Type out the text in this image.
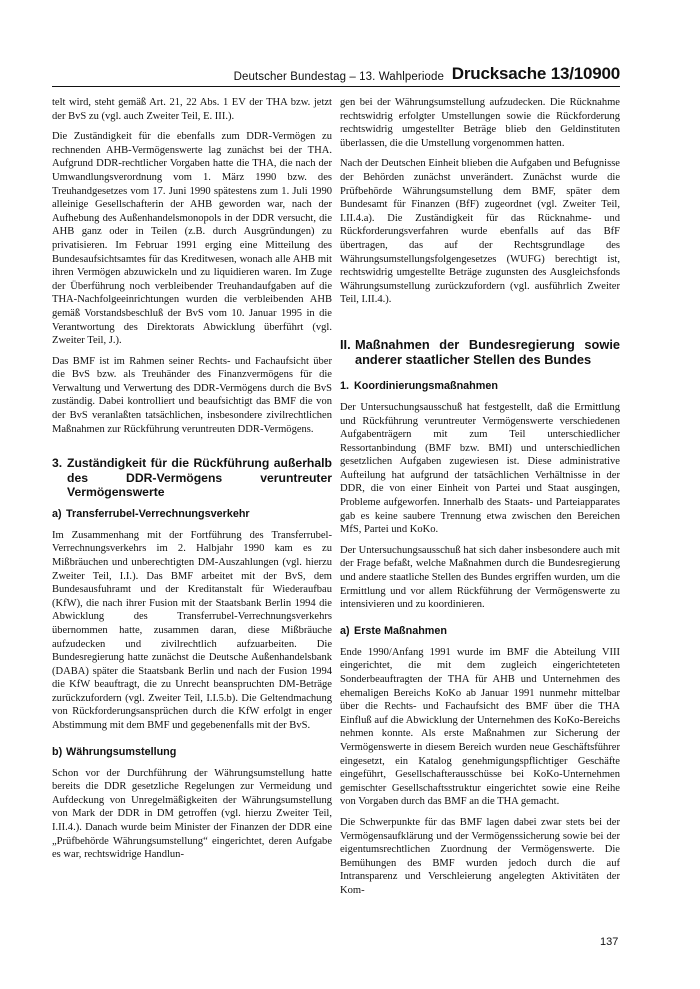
Deutscher Bundestag – 13. Wahlperiode Drucksache 13/10900

telt wird, steht gemäß Art. 21, 22 Abs. 1 EV der THA bzw. jetzt der BvS zu (vgl. auch Zweiter Teil, E. III.).

Die Zuständigkeit für die ebenfalls zum DDR-Vermögen zu rechnenden AHB-Vermögenswerte lag zunächst bei der THA. Aufgrund DDR-rechtlicher Vorgaben hatte die THA, die nach der Umwandlungsverordnung vom 1. März 1990 bzw. des Treuhandgesetzes vom 17. Juni 1990 spätestens zum 1. Juli 1990 alleinige Gesellschafterin der AHB geworden war, nach der Aufhebung des Außenhandelsmonopols in der DDR versucht, die AHB ganz oder in Teilen (z.B. durch Ausgründungen) zu privatisieren. Im Februar 1991 erging eine Mitteilung des Bundesaufsichtsamtes für das Kreditwesen, wonach alle AHB mit ihren Vermögen abzuwickeln und zu liquidieren waren. Im Zuge der Überführung noch verbleibender Treuhandaufgaben auf die THA-Nachfolgeeinrichtungen wurden die verbleibenden AHB gemäß Vorstandsbeschluß der BvS vom 10. Januar 1995 in die Verantwortung des Direktorats Abwicklung überführt (vgl. Zweiter Teil, J.).

Das BMF ist im Rahmen seiner Rechts- und Fachaufsicht über die BvS bzw. als Treuhänder des Finanzvermögens für die Verwaltung und Verwertung des DDR-Vermögens durch die BvS zuständig. Dabei kontrolliert und beaufsichtigt das BMF die von der BvS veranlaßten tatsächlichen, insbesondere zivilrechtlichen Maßnahmen zur Rückführung veruntreuten DDR-Vermögens.

3. Zuständigkeit für die Rückführung außerhalb des DDR-Vermögens veruntreuter Vermögenswerte
a) Transferrubel-Verrechnungsverkehr

Im Zusammenhang mit der Fortführung des Transferrubel-Verrechnungsverkehrs im 2. Halbjahr 1990 kam es zu Mißbräuchen und unberechtigten DM-Auszahlungen (vgl. hierzu Zweiter Teil, I.I.). Das BMF arbeitet mit der BvS, dem Bundesausfuhramt und der Kreditanstalt für Wiederaufbau (KfW), die nach ihrer Fusion mit der Staatsbank Berlin 1994 die Abwicklung des Transferrubel-Verrechnungsverkehrs übernommen hatte, zusammen daran, diese Mißbräuche aufzudecken und zivilrechtlich aufzuarbeiten. Die Bundesregierung hatte zunächst die Deutsche Außenhandelsbank (DABA) später die Staatsbank Berlin und nach der Fusion 1994 die KfW beauftragt, die zu Unrecht beanspruchten DM-Beträge zurückzufordern (vgl. Zweiter Teil, I.I.5.b). Die Geltendmachung von Rückforderungsansprüchen durch die KfW erfolgt in enger Abstimmung mit dem BMF und gegebenenfalls mit der BvS.

b) Währungsumstellung

Schon vor der Durchführung der Währungsumstellung hatte bereits die DDR gesetzliche Regelungen zur Vermeidung und Aufdeckung von Unregelmäßigkeiten der Währungsumstellung von Mark der DDR in DM getroffen (vgl. hierzu Zweiter Teil, I.II.4.). Danach wurde beim Minister der Finanzen der DDR eine „Prüfbehörde Währungsumstellung“ eingerichtet, deren Aufgabe es war, rechtswidrige Handlun-

gen bei der Währungsumstellung aufzudecken. Die Rücknahme rechtswidrig erfolgter Umstellungen sowie die Rückforderung rechtswidrig umgestellter Beträge blieb den Geldinstituten überlassen, die die Umstellung vorgenommen hatten.

Nach der Deutschen Einheit blieben die Aufgaben und Befugnisse der Behörden zunächst unverändert. Zunächst wurde die Prüfbehörde Währungsumstellung dem BMF, später dem Bundesamt für Finanzen (BfF) zugeordnet (vgl. Zweiter Teil, I.II.4.a). Die Zuständigkeit für das Rücknahme- und Rückforderungsverfahren wurde ebenfalls auf das BfF übertragen, das auf der Rechtsgrundlage des Währungsumstellungsfolgengesetzes (WUFG) berechtigt ist, rechtswidrig umgestellte Beträge zugunsten des Ausgleichsfonds Währungsumstellung zurückzufordern (vgl. ausführlich Zweiter Teil, I.II.4.).

II. Maßnahmen der Bundesregierung sowie anderer staatlicher Stellen des Bundes
1. Koordinierungsmaßnahmen

Der Untersuchungsausschuß hat festgestellt, daß die Ermittlung und Rückführung veruntreuter Vermögenswerte verschiedenen Aufgabenträgern mit zum Teil unterschiedlicher Ressortanbindung (BMF bzw. BMI) und unterschiedlichen gesetzlichen Aufgaben zugewiesen ist. Diese administrative Aufteilung hat aufgrund der tatsächlichen Verhältnisse in der DDR, die von einer Einheit von Partei und Staat ausgingen, Probleme aufgeworfen. Innerhalb des Staats- und Parteiapparates gab es keine saubere Trennung etwa zwischen den Bereichen MfS, Partei und KoKo.

Der Untersuchungsausschuß hat sich daher insbesondere auch mit der Frage befaßt, welche Maßnahmen durch die Bundesregierung und andere staatliche Stellen des Bundes ergriffen wurden, um die Ermittlung und vor allem Rückführung der Vermögenswerte zu intensivieren und zu koordinieren.

a) Erste Maßnahmen

Ende 1990/Anfang 1991 wurde im BMF die Abteilung VIII eingerichtet, die mit dem zugleich eingerichteteten Sonderbeauftragten der THA für AHB und Unternehmen des ehemaligen Bereichs KoKo ab Januar 1991 nunmehr mittelbar über die Rechts- und Fachaufsicht des BMF über die THA Einfluß auf die Abwicklung der Unternehmen des KoKo-Bereichs nehmen konnte. Als erste Maßnahmen zur Sicherung der Vermögenswerte in diesem Bereich wurden neue Geschäftsführer eingesetzt, ein Katalog genehmigungspflichtiger Geschäfte eingeführt, Gesellschafterausschüsse bei KoKo-Unternehmen gemischter Gesellschaftsstruktur eingerichtet sowie eine Reihe von Vorgaben durch das BMF an die THA gemacht.

Die Schwerpunkte für das BMF lagen dabei zwar stets bei der Vermögensaufklärung und der Vermögenssicherung sowie bei der eigentumsrechtlichen Zuordnung der Vermögenswerte. Die Bemühungen des BMF wurden jedoch durch die auf Intransparenz und Verschleierung angelegten Aktivitäten der Kom-

137
